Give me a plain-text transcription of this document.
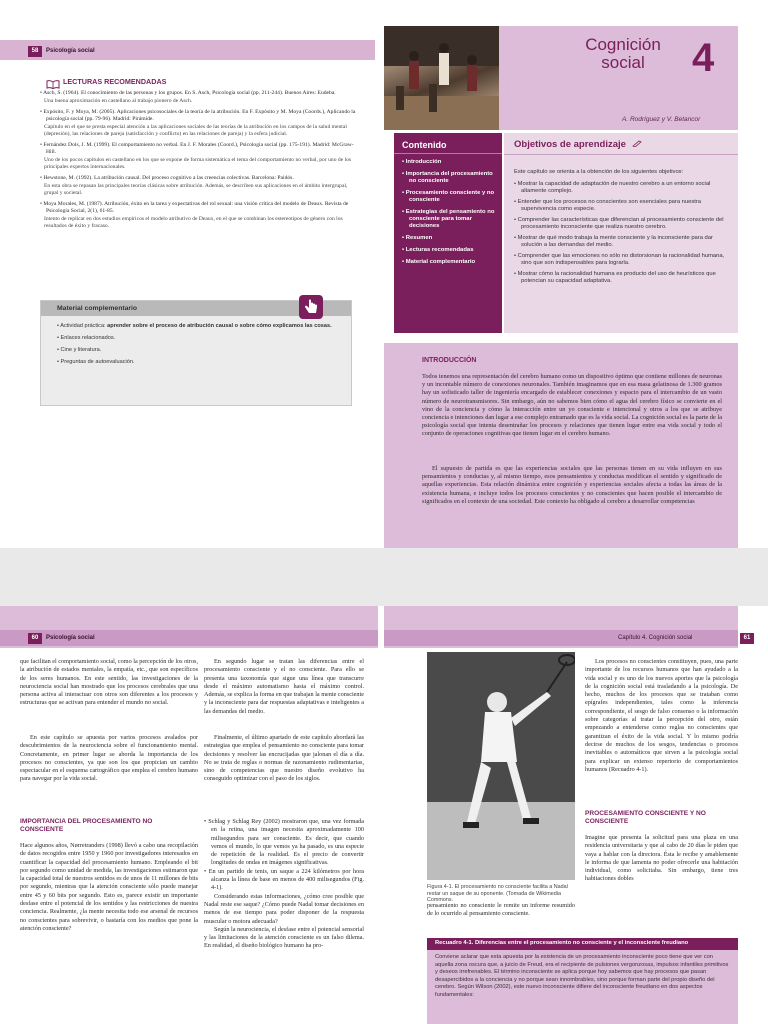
58	Psicología social
LECTURAS RECOMENDADAS
• Asch, S. (1964). El conocimiento de las personas y los grupos. En S. Asch, Psicología social (pp. 211-244). Buenos Aires: Eudeba.
Una buena aproximación en castellano al trabajo pionero de Asch.
• Expósito, F. y Moya, M. (2005). Aplicaciones psicosociales de la teoría de la atribución. En F. Expósito y M. Moya (Coords.), Aplicando la psicología social (pp. 79-96). Madrid: Pirámide.
Capítulo en el que se presta especial atención a las aplicaciones sociales de las teorías de la atribución en los campos de la salud mental (depresión), las relaciones de pareja (satisfacción y conflicto) en las relaciones de pareja) y la esfera judicial.
• Fernández Dols, J. M. (1999). El comportamiento no verbal. En J. F. Morales (Coord.), Psicología social (pp. 175-191). Madrid: McGraw-Hill.
Uno de los pocos capítulos en castellano en los que se expone de forma sistemática el tema del comportamiento no verbal, por uno de los principales expertos internacionales.
• Hewstone, M. (1992). La atribución causal. Del proceso cognitivo a las creencias colectivas. Barcelona: Paidós.
En esta obra se repasan las principales teorías clásicas sobre atribución. Además, se describen sus aplicaciones en el ámbito intergrupal, grupal y societal.
• Moya Morales, M. (1987). Atribución, éxito en la tarea y expectativas del rol sexual: una visión crítica del modelo de Deaux. Revista de Psicología Social, 2(1), 61-85.
Intento de replicar en dos estudios empíricos el modelo atributivo de Deaux, en el que se combinan los estereotipos de género con los resultados de éxito y fracaso.
Material complementario
• Actividad práctica: aprender sobre el proceso de atribución causal o sobre cómo explicamos las cosas.
• Enlaces relacionados.
• Cine y literatura.
• Preguntas de autoevaluación.
Cognición
social	4
A. Rodríguez y V. Betancor
Contenido
• Introducción
• Importancia del procesamiento no consciente
• Procesamiento consciente y no consciente
• Estrategias del pensamiento no consciente para tomar decisiones
• Resumen
• Lecturas recomendadas
• Material complementario
Objetivos de aprendizaje
Este capítulo se orienta a la obtención de los siguientes objetivos:
• Mostrar la capacidad de adaptación de nuestro cerebro a un entorno social altamente complejo.
• Entender que los procesos no conscientes son esenciales para nuestra supervivencia como especie.
• Comprender las características que diferencian al procesamiento consciente del procesamiento inconsciente que realiza nuestro cerebro.
• Mostrar de qué modo trabaja la mente consciente y la inconsciente para dar solución a las demandas del medio.
• Comprender que las emociones no sólo no distorsionan la racionalidad humana, sino que son indispensables para lograrla.
• Mostrar cómo la racionalidad humana es producto del uso de heurísticos que potencian su capacidad adaptativa.
INTRODUCCIÓN
Todos tenemos una representación del cerebro humano como un dispositivo óptimo que contiene millones de neuronas y un incontable número de conexiones neuronales. También imaginamos que en esa masa gelatinosa de 1.300 gramos hay un sofisticado taller de ingeniería encargado de establecer conexiones y espacio para el intercambio de un vasto número de neurotransmisores. Sin embargo, aún no sabemos bien cómo el agua del cerebro físico se convierte en el vino de la conciencia y cómo la interacción entre un yo consciente e intencional y otros a los que se atribuye conciencia e intenciones dan lugar a ese complejo entramado que es la vida social. La cognición social es la parte de la psicología social que intenta desentrañar los procesos y relaciones que tienen lugar entre esa vida social y todo el conjunto de operaciones cognitivas que tienen lugar en el cerebro humano.
El supuesto de partida es que las experiencias sociales que las personas tienen en su vida influyen en sus pensamientos y conductas y, al mismo tiempo, esos pensamientos y conductas modifican el sentido y significado de aquellas experiencias. Esta relación dinámica entre cognición y experiencias sociales afecta a todas las áreas de la existencia humana, e incluye todos los procesos conscientes y no conscientes que hacen posible el intercambio de significados en el contexto de una sociedad. Este contexto ha obligado al cerebro a desarrollar competencias
60	Psicología social	Capítulo 4. Cognición social	61
que facilitan el comportamiento social, como la percepción de los otros, la atribución de estados mentales, la empatía, etc., que son específicos de los seres humanos. En este sentido, las investigaciones de la neurociencia social han mostrado que los procesos cerebrales que una persona activa al interactuar con otros son diferentes a los procesos y estructuras que se activan para entender el mundo no social.
En este capítulo se apuesta por varios procesos avalados por descubrimientos de la neurociencia sobre el funcionamiento mental. Concretamente, en primer lugar se aborda la importancia de los procesos no conscientes, ya que son los que propician un cambio espectacular en el esquema cartográfico que emplea el cerebro humano para navegar por la vida social.
IMPORTANCIA DEL PROCESAMIENTO NO CONSCIENTE
Hace algunos años, Nørretranders (1998) llevó a cabo una recopilación de datos recogidos entre 1950 y 1960 por investigadores interesados en cuantificar la capacidad del procesamiento humano. Empleando el bit por segundo como unidad de medida, las investigaciones estimaron que la capacidad total de nuestros sentidos es de unos de 11 millones de bits por segundo, mientras que la atención consciente sólo puede manejar entre 45 y 60 bits por segundo. Esto es, parece existir un importante desfase entre el potencial de los sentidos y las restricciones de nuestra conciencia. Realmente, ¿la mente necesita todo ese arsenal de recursos no conscientes para sobrevivir, o bastaría con los medios que pone la atención consciente?
En segundo lugar se tratan las diferencias entre el procesamiento consciente y el no consciente. Para ello se presenta una taxonomía que sigue una línea que transcurre desde el máximo automatismo hasta el máximo control. Además, se explica la forma en que trabajan la mente consciente y la inconsciente para dar respuestas adaptativas e inteligentes a las demandas del medio.
Finalmente, el último apartado de este capítulo abordará las estrategias que emplea el pensamiento no consciente para tomar decisiones y resolver las encrucijadas que jalonan el día a día. No se trata de reglas o normas de razonamiento rudimentarias, sino de competencias que nuestro diseño evolutivo ha conseguido optimizar con el paso de los siglos.
• Schlag y Schlag Rey (2002) mostraron que, una vez formada en la retina, una imagen necesita aproximadamente 100 milisegundos para ser consciente. Es decir, que cuando vemos el mundo, lo que vemos ya ha pasado, es una especie de repetición de la realidad. Es el precio de convertir longitudes de ondas en imágenes significativas.
• En un partido de tenis, un saque a 224 kilómetros por hora alcanza la línea de base en menos de 400 milisegundos (Fig. 4-1).
Considerando estas informaciones, ¿cómo cree posible que Nadal reste ese saque? ¿Cómo puede Nadal tomar decisiones en menos de ese tiempo para poder disponer de la respuesta muscular o motora adecuada?
Según la neurociencia, el desfase entre el potencial sensorial y las limitaciones de la atención consciente es un falso dilema. En realidad, el diseño biológico humano ha pro-
Figura 4-1. El procesamiento no consciente facilita a Nadal restar un saque de su oponente. (Tomada de Wikimedia Commons.
pensamiento no consciente le remite un informe resumido de lo ocurrido al pensamiento consciente.
Los procesos no conscientes constituyen, pues, una parte importante de los recursos humanos que han ayudado a la vida social y es uno de los nuevos aportes que la psicología de la cognición social está trasladando a la psicología. De hecho, muchos de los procesos que se trataban como epígrafes independientes, tales como la inferencia correspondiente, el sesgo de falso consenso o la información sobre categorías al tratar la percepción del otro, están empezando a entenderse como reglas no conscientes que garantizan el éxito de la vida social. Y lo mismo podría decirse de muchos de los sesgos, tendencias o procesos inevitables o automáticos que sirven a la psicología social para explicar un extenso repertorio de comportamientos humanos (Recuadro 4-1).
PROCESAMIENTO CONSCIENTE Y NO CONSCIENTE
Imagine que presenta la solicitud para una plaza en una residencia universitaria y que al cabo de 20 días le piden que vaya a hablar con la directora. Ésta le recibe y amablemente le informa de que lamenta no poder ofrecerle una habitación individual, como solicitaba. Sin embargo, tiene tres habitaciones dobles
Recuadro 4-1. Diferencias entre el procesamiento no consciente y el inconsciente freudiano
Conviene aclarar que esta apuesta por la existencia de un procesamiento inconsciente poco tiene que ver con aquella zona oscura que, a juicio de Freud, era el recipiente de pulsiones vergonzosas, impulsos infantiles primitivos y deseos irrefrenables. El término inconsciente se aplica porque hoy sabemos que hay procesos que pasan desapercibidos a la conciencia y no porque sean innombrables, sino porque forman parte del propio diseño del cerebro. Según Wilson (2002), este nuevo inconsciente difiere del inconsciente freudiano en dos aspectos fundamentales:
